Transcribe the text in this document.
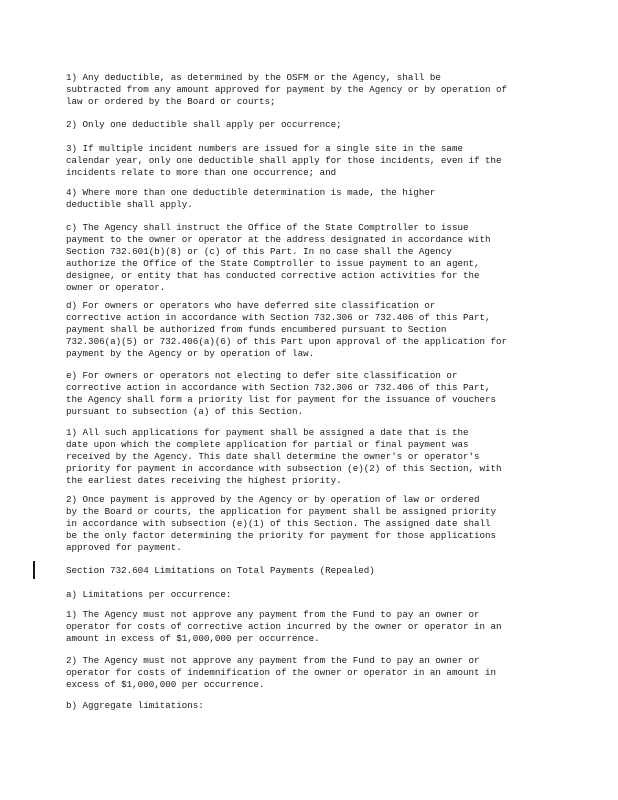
1) Any deductible, as determined by the OSFM or the Agency, shall be
subtracted from any amount approved for payment by the Agency or by operation of
law or ordered by the Board or courts;

2) Only one deductible shall apply per occurrence;

3) If multiple incident numbers are issued for a single site in the same
calendar year, only one deductible shall apply for those incidents, even if the
incidents relate to more than one occurrence; and

4) Where more than one deductible determination is made, the higher
deductible shall apply.

c) The Agency shall instruct the Office of the State Comptroller to issue
payment to the owner or operator at the address designated in accordance with
Section 732.601(b)(8) or (c) of this Part. In no case shall the Agency
authorize the Office of the State Comptroller to issue payment to an agent,
designee, or entity that has conducted corrective action activities for the
owner or operator.

d) For owners or operators who have deferred site classification or
corrective action in accordance with Section 732.306 or 732.406 of this Part,
payment shall be authorized from funds encumbered pursuant to Section
732.306(a)(5) or 732.406(a)(6) of this Part upon approval of the application for
payment by the Agency or by operation of law.

e) For owners or operators not electing to defer site classification or
corrective action in accordance with Section 732.306 or 732.406 of this Part,
the Agency shall form a priority list for payment for the issuance of vouchers
pursuant to subsection (a) of this Section.

1) All such applications for payment shall be assigned a date that is the
date upon which the complete application for partial or final payment was
received by the Agency. This date shall determine the owner's or operator's
priority for payment in accordance with subsection (e)(2) of this Section, with
the earliest dates receiving the highest priority.

2) Once payment is approved by the Agency or by operation of law or ordered
by the Board or courts, the application for payment shall be assigned priority
in accordance with subsection (e)(1) of this Section. The assigned date shall
be the only factor determining the priority for payment for those applications
approved for payment.

Section 732.604 Limitations on Total Payments (Repealed)

a) Limitations per occurrence:

1) The Agency must not approve any payment from the Fund to pay an owner or
operator for costs of corrective action incurred by the owner or operator in an
amount in excess of $1,000,000 per occurrence.

2) The Agency must not approve any payment from the Fund to pay an owner or
operator for costs of indemnification of the owner or operator in an amount in
excess of $1,000,000 per occurrence.

b) Aggregate limitations:
